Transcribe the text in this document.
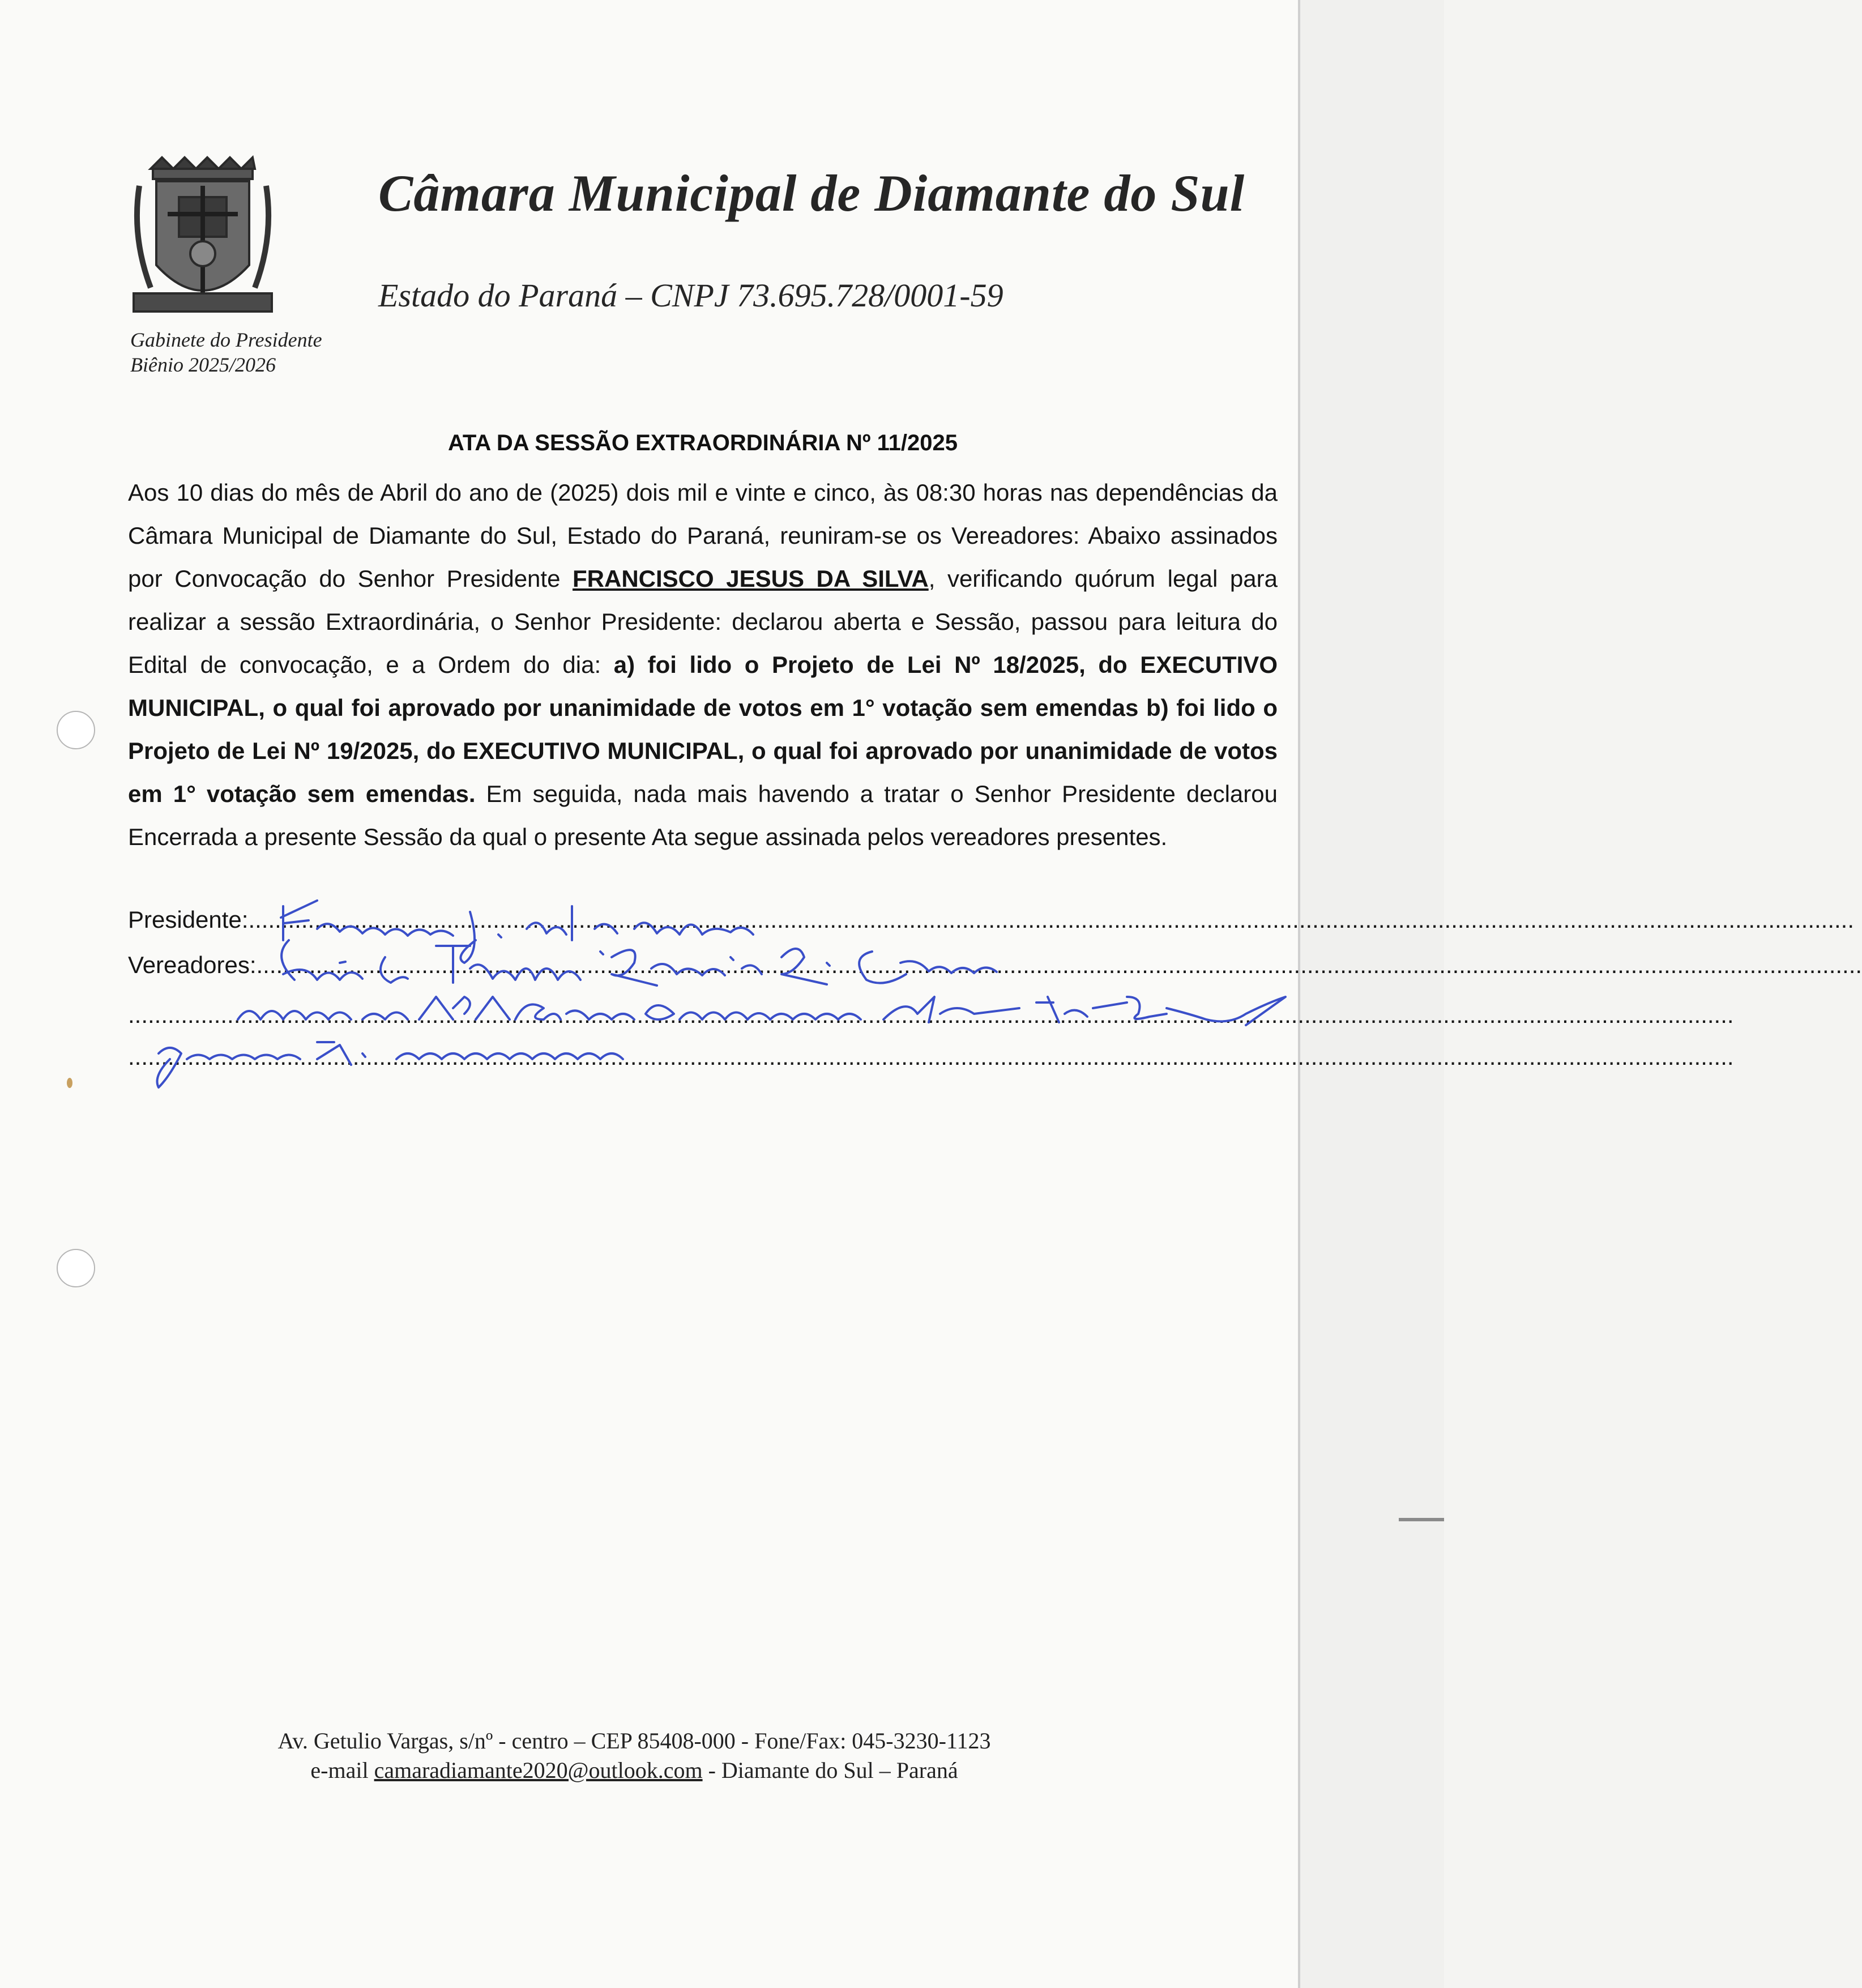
Câmara Municipal de Diamante do Sul
Estado do Paraná – CNPJ 73.695.728/0001-59
Gabinete do Presidente
Biênio 2025/2026
ATA DA SESSÃO EXTRAORDINÁRIA Nº 11/2025
Aos 10 dias do mês de Abril do ano de (2025) dois mil e vinte e cinco, às 08:30 horas nas dependências da Câmara Municipal de Diamante do Sul, Estado do Paraná, reuniram-se os Vereadores: Abaixo assinados por Convocação do Senhor Presidente FRANCISCO JESUS DA SILVA, verificando quórum legal para realizar a sessão Extraordinária, o Senhor Presidente: declarou aberta e Sessão, passou para leitura do Edital de convocação, e a Ordem do dia: a) foi lido o Projeto de Lei Nº 18/2025, do EXECUTIVO MUNICIPAL, o qual foi aprovado por unanimidade de votos em 1° votação sem emendas b) foi lido o Projeto de Lei Nº 19/2025, do EXECUTIVO MUNICIPAL, o qual foi aprovado por unanimidade de votos em 1° votação sem emendas. Em seguida, nada mais havendo a tratar o Senhor Presidente declarou Encerrada a presente Sessão da qual o presente Ata segue assinada pelos vereadores presentes.
Presidente:...................................................................................................................................................................................................................................................
Vereadores:...................................................................................................................................................................................................................................................
...................................................................................................................................................................................................................................................
...................................................................................................................................................................................................................................................
Av. Getulio Vargas, s/nº - centro – CEP 85408-000 - Fone/Fax: 045-3230-1123
e-mail camaradiamante2020@outlook.com - Diamante do Sul – Paraná
